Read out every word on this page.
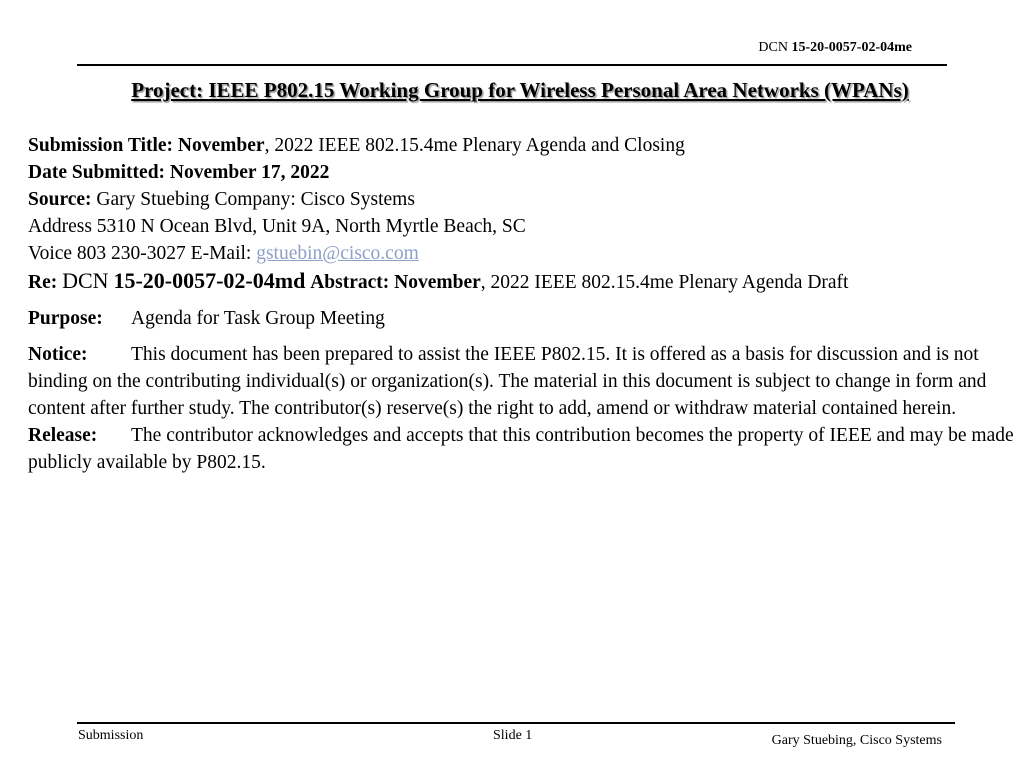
DCN 15-20-0057-02-04me
Project: IEEE P802.15 Working Group for Wireless Personal Area Networks (WPANs)
Submission Title: November, 2022 IEEE 802.15.4me Plenary Agenda and Closing
Date Submitted: November 17, 2022
Source: Gary Stuebing Company: Cisco Systems
Address 5310 N Ocean Blvd, Unit 9A, North Myrtle Beach, SC
Voice 803 230-3027 E-Mail: gstuebin@cisco.com
Re: DCN 15-20-0057-02-04md Abstract: November, 2022 IEEE 802.15.4me Plenary Agenda Draft
Purpose: Agenda for Task Group Meeting
Notice: This document has been prepared to assist the IEEE P802.15. It is offered as a basis for discussion and is not binding on the contributing individual(s) or organization(s). The material in this document is subject to change in form and content after further study. The contributor(s) reserve(s) the right to add, amend or withdraw material contained herein.
Release: The contributor acknowledges and accepts that this contribution becomes the property of IEEE and may be made publicly available by P802.15.
Submission	Slide 1	Gary Stuebing, Cisco Systems
